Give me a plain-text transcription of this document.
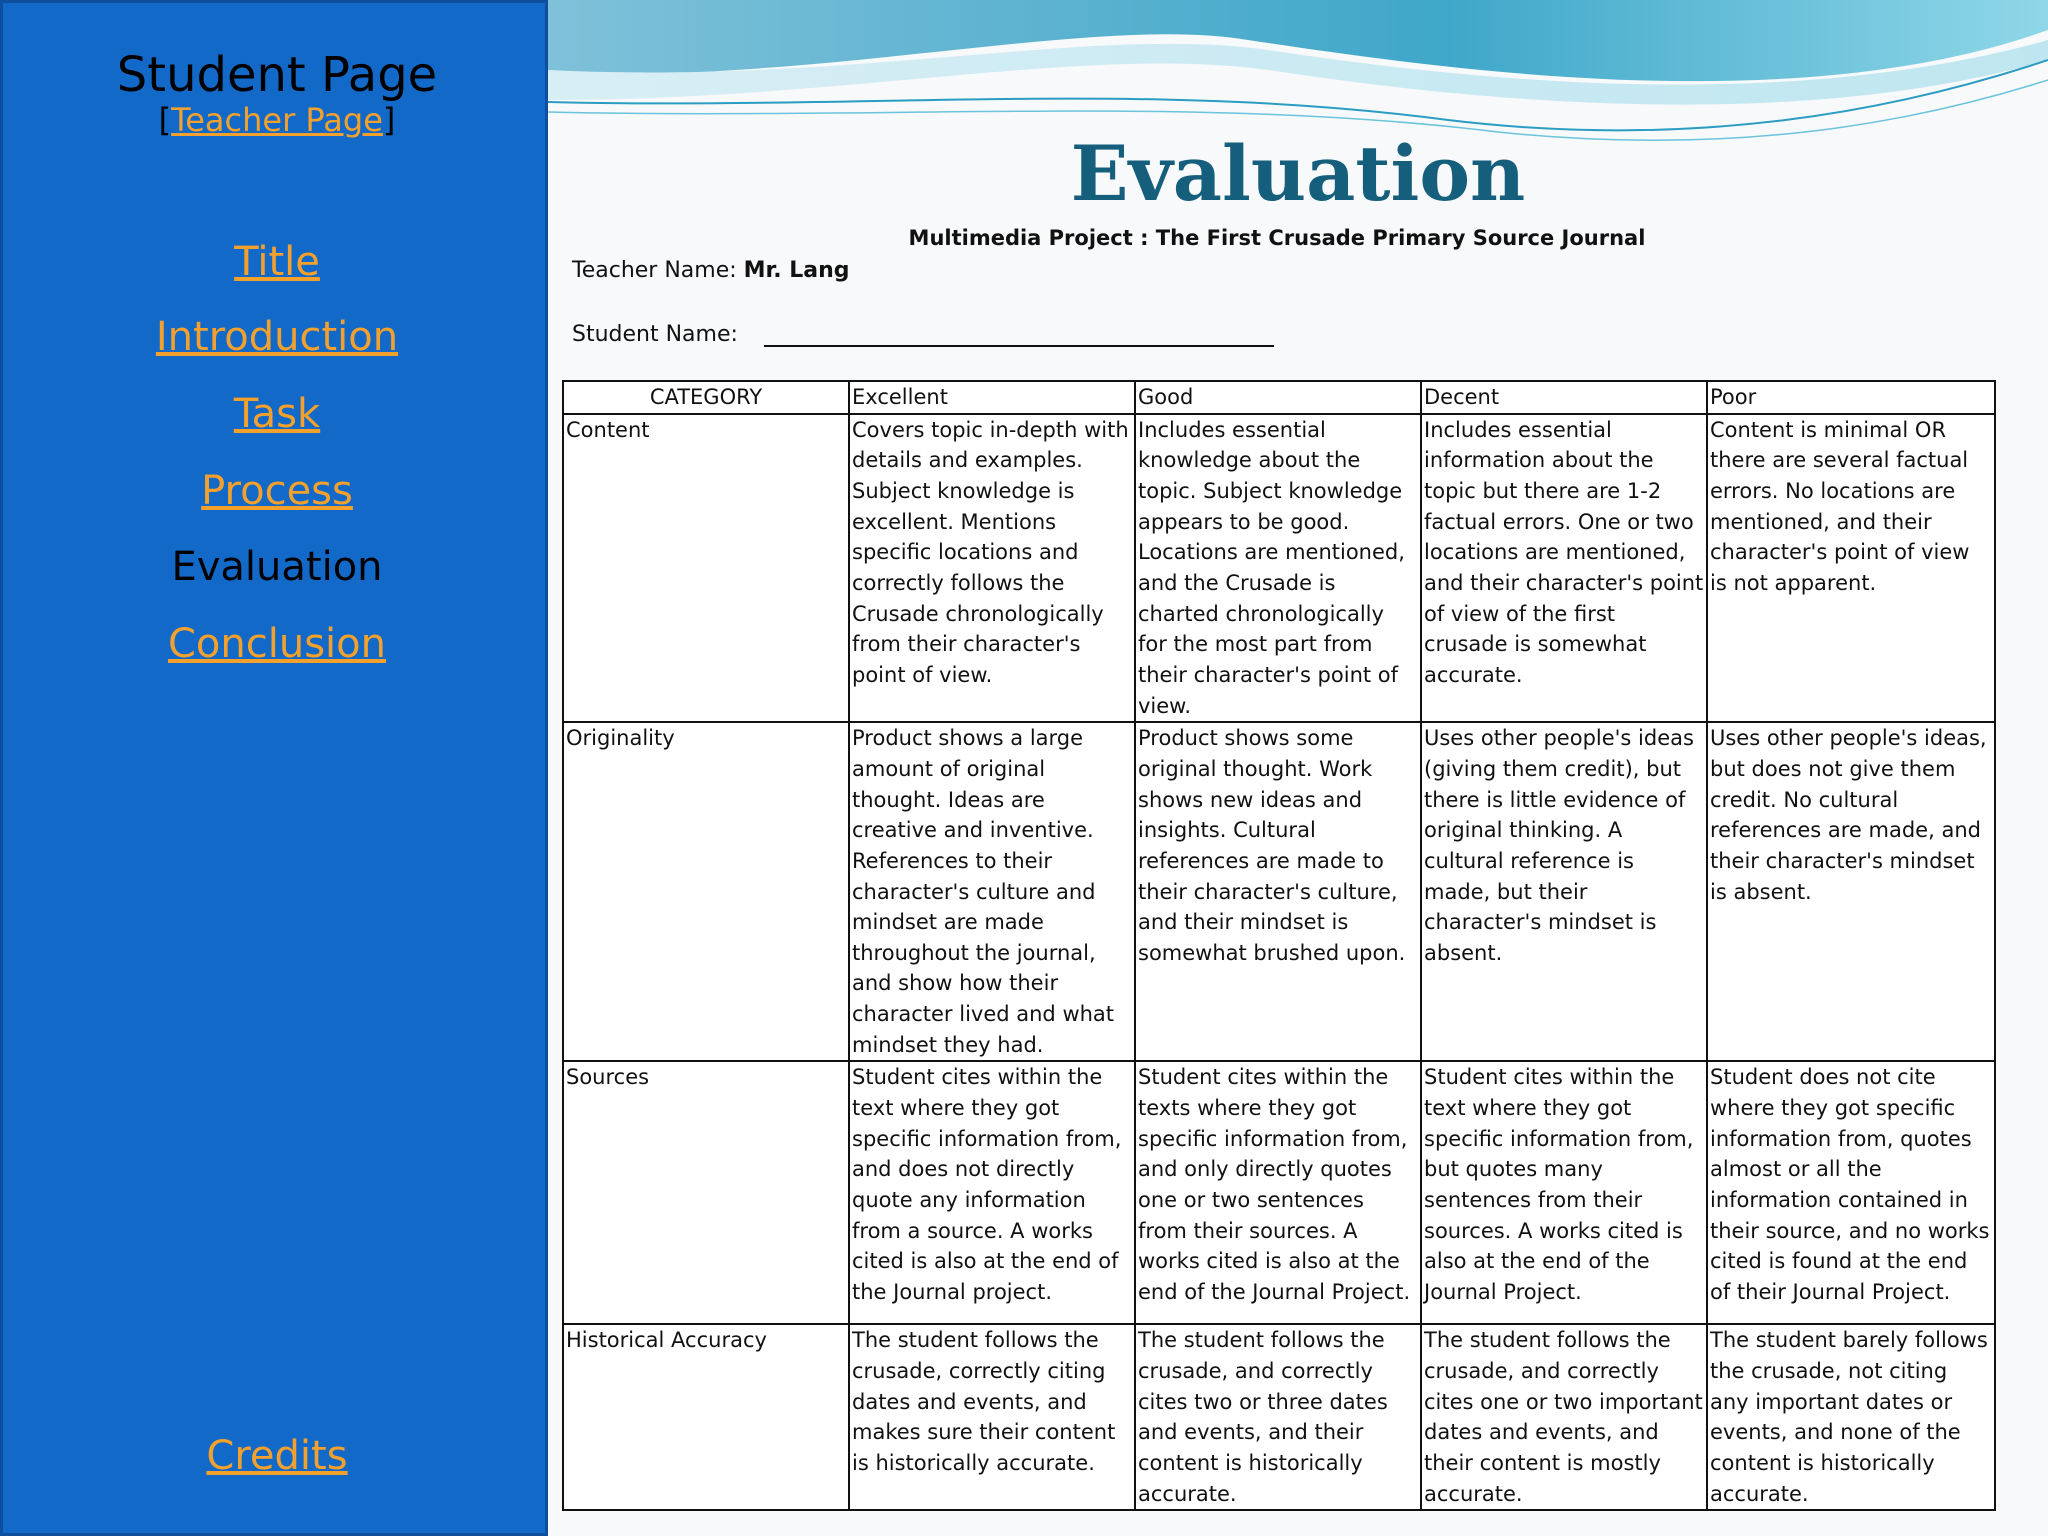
Student Page
[Teacher Page]
Title
Introduction
Task
Process
Evaluation
Conclusion
Credits
Evaluation
Multimedia Project : The First Crusade Primary Source Journal
Teacher Name: Mr. Lang
Student Name:
CATEGORY	Excellent	Good	Decent	Poor
Content	Covers topic in-depth with details and examples. Subject knowledge is excellent. Mentions specific locations and correctly follows the Crusade chronologically from their character's point of view.	Includes essential knowledge about the topic. Subject knowledge appears to be good. Locations are mentioned, and the Crusade is charted chronologically for the most part from their character's point of view.	Includes essential information about the topic but there are 1-2 factual errors. One or two locations are mentioned, and their character's point of view of the first crusade is somewhat accurate.	Content is minimal OR there are several factual errors. No locations are mentioned, and their character's point of view is not apparent.
Originality	Product shows a large amount of original thought. Ideas are creative and inventive. References to their character's culture and mindset are made throughout the journal, and show how their character lived and what mindset they had.	Product shows some original thought. Work shows new ideas and insights. Cultural references are made to their character's culture, and their mindset is somewhat brushed upon.	Uses other people's ideas (giving them credit), but there is little evidence of original thinking. A cultural reference is made, but their character's mindset is absent.	Uses other people's ideas, but does not give them credit. No cultural references are made, and their character's mindset is absent.
Sources	Student cites within the text where they got specific information from, and does not directly quote any information from a source. A works cited is also at the end of the Journal project.	Student cites within the texts where they got specific information from, and only directly quotes one or two sentences from their sources. A works cited is also at the end of the Journal Project.	Student cites within the text where they got specific information from, but quotes many sentences from their sources. A works cited is also at the end of the Journal Project.	Student does not cite where they got specific information from, quotes almost or all the information contained in their source, and no works cited is found at the end of their Journal Project.
Historical Accuracy	The student follows the crusade, correctly citing dates and events, and makes sure their content is historically accurate.	The student follows the crusade, and correctly cites two or three dates and events, and their content is historically accurate.	The student follows the crusade, and correctly cites one or two important dates and events, and their content is mostly accurate.	The student barely follows the crusade, not citing any important dates or events, and none of the content is historically accurate.
